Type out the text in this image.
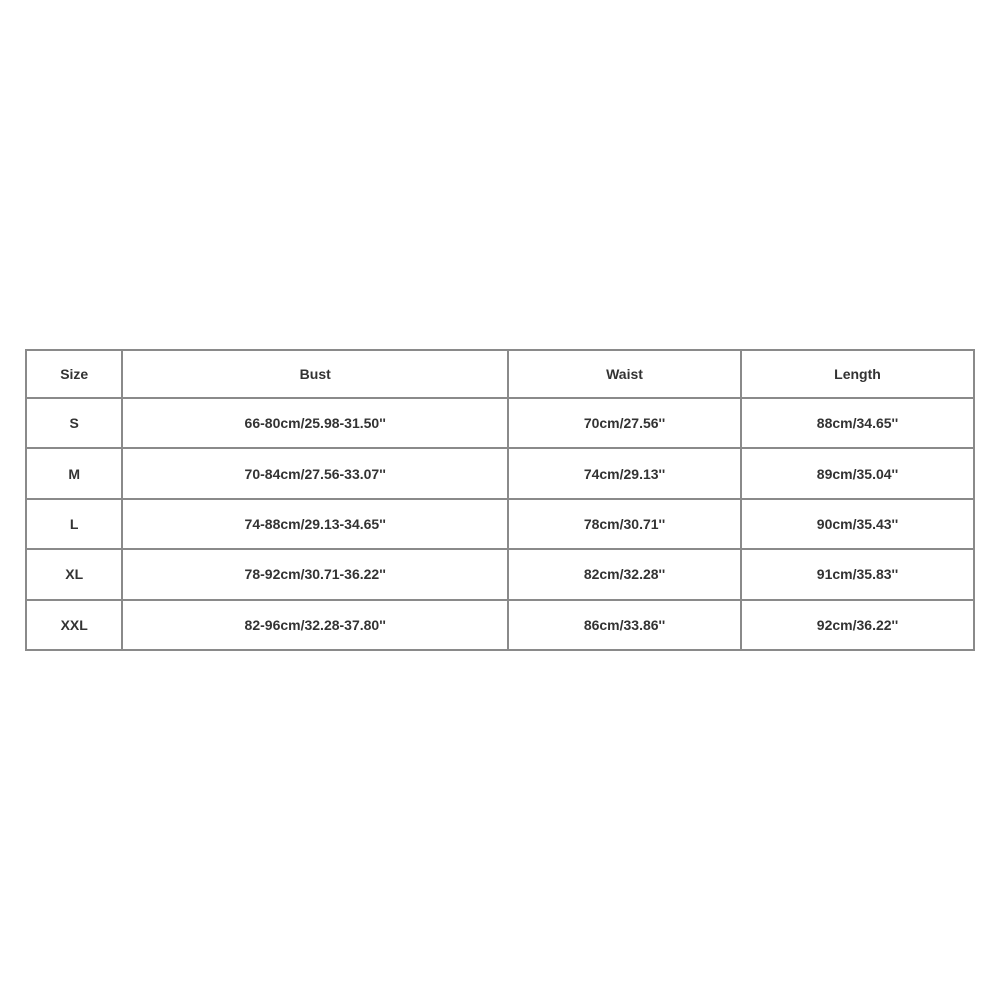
Size	Bust	Waist	Length
S	66-80cm/25.98-31.50''	70cm/27.56''	88cm/34.65''
M	70-84cm/27.56-33.07''	74cm/29.13''	89cm/35.04''
L	74-88cm/29.13-34.65''	78cm/30.71''	90cm/35.43''
XL	78-92cm/30.71-36.22''	82cm/32.28''	91cm/35.83''
XXL	82-96cm/32.28-37.80''	86cm/33.86''	92cm/36.22''
